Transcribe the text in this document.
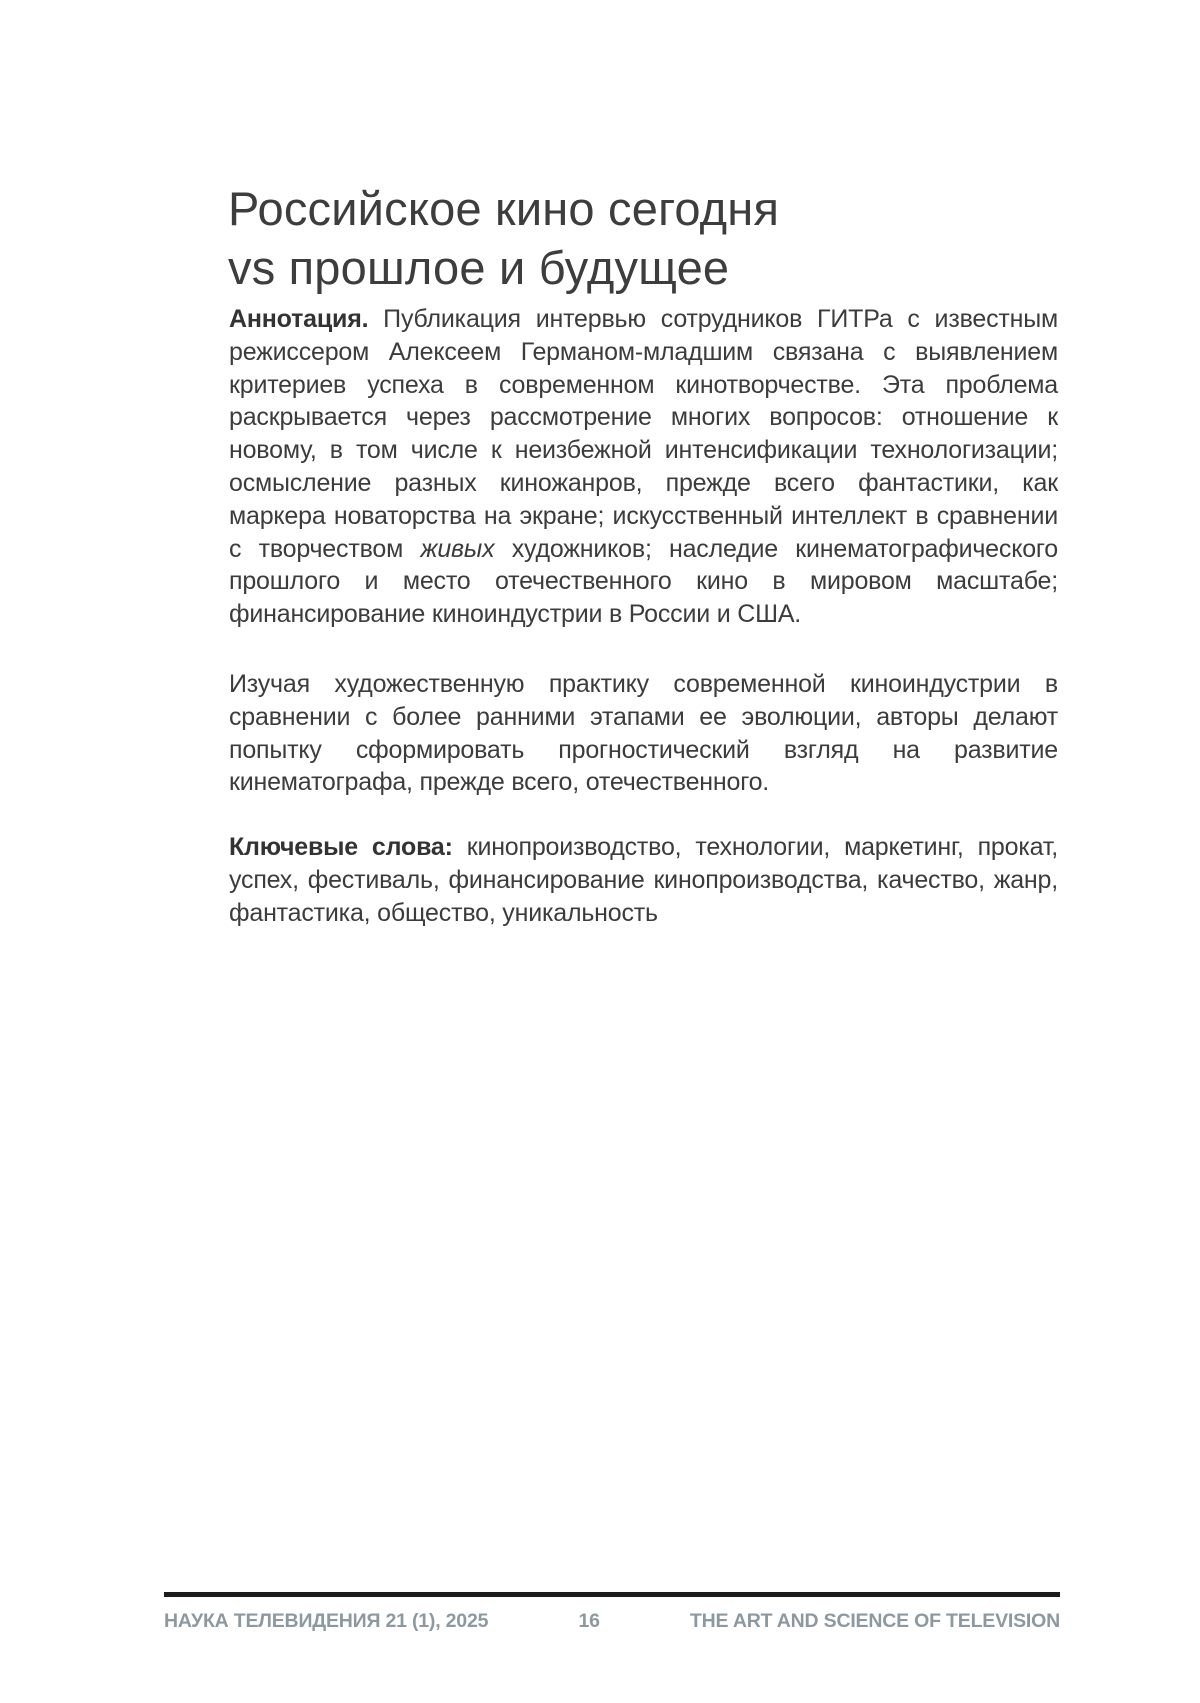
Российское кино сегодня
vs прошлое и будущее

Аннотация. Публикация интервью сотрудников ГИТРа с известным режиссером Алексеем Германом-младшим связана с выявлением критериев успеха в современном кинотворчестве. Эта проблема раскрывается через рассмотрение многих вопросов: отношение к новому, в том числе к неизбежной интенсификации технологизации; осмысление разных киножанров, прежде всего фантастики, как маркера новаторства на экране; искусственный интеллект в сравнении с творчеством живых художников; наследие кинематографического прошлого и место отечественного кино в мировом масштабе; финансирование киноиндустрии в России и США.

Изучая художественную практику современной киноиндустрии в сравнении с более ранними этапами ее эволюции, авторы делают попытку сформировать прогностический взгляд на развитие кинематографа, прежде всего, отечественного.

Ключевые слова: кинопроизводство, технологии, маркетинг, прокат, успех, фестиваль, финансирование кинопроизводства, качество, жанр, фантастика, общество, уникальность

НАУКА ТЕЛЕВИДЕНИЯ 21 (1), 2025	16	THE ART AND SCIENCE OF TELEVISION
